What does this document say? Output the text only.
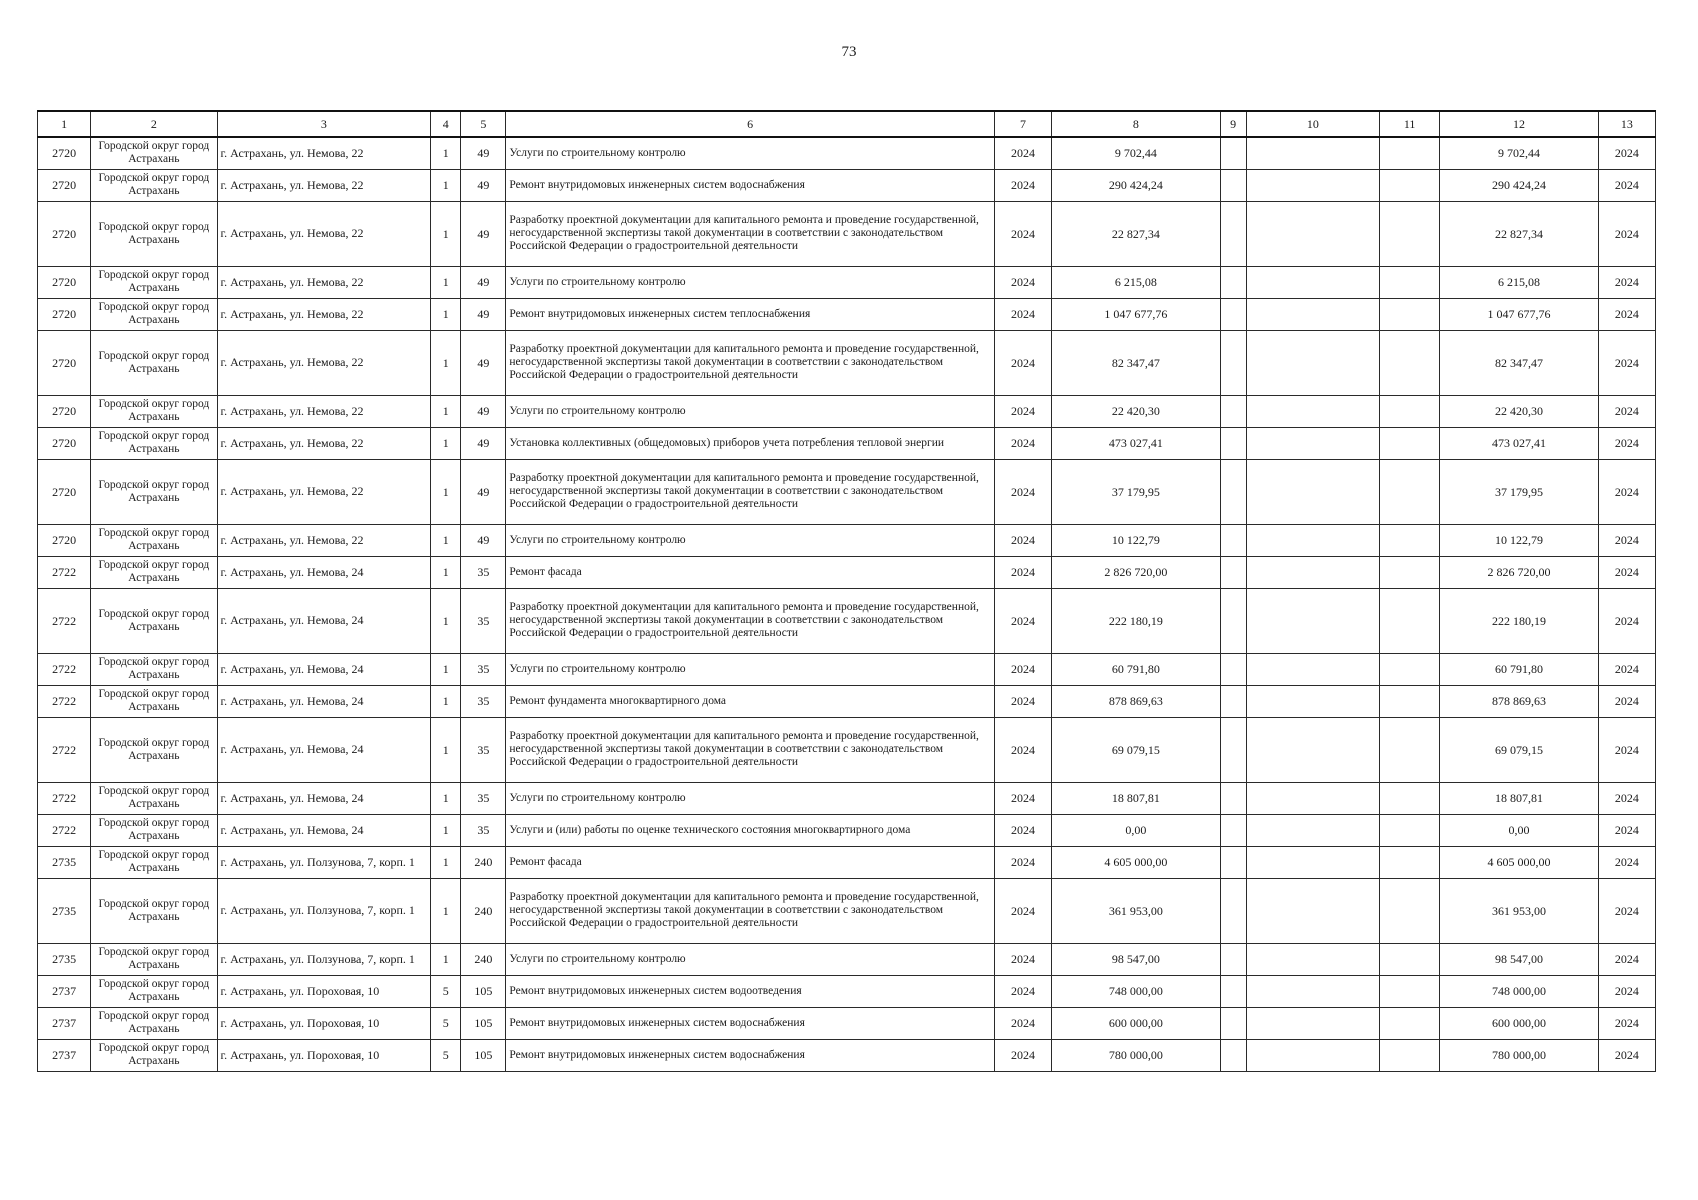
73
1	2	3	4	5	6	7	8	9	10	11	12	13
2720	Городской округ город Астрахань	г. Астрахань, ул. Немова, 22	1	49	Услуги по строительному контролю	2024	9 702,44				9 702,44	2024
2720	Городской округ город Астрахань	г. Астрахань, ул. Немова, 22	1	49	Ремонт внутридомовых инженерных систем водоснабжения	2024	290 424,24				290 424,24	2024
2720	Городской округ город Астрахань	г. Астрахань, ул. Немова, 22	1	49	Разработку проектной документации для капитального ремонта и проведение государственной, негосударственной экспертизы такой документации в соответствии с законодательством Российской Федерации о градостроительной деятельности	2024	22 827,34				22 827,34	2024
2720	Городской округ город Астрахань	г. Астрахань, ул. Немова, 22	1	49	Услуги по строительному контролю	2024	6 215,08				6 215,08	2024
2720	Городской округ город Астрахань	г. Астрахань, ул. Немова, 22	1	49	Ремонт внутридомовых инженерных систем теплоснабжения	2024	1 047 677,76				1 047 677,76	2024
2720	Городской округ город Астрахань	г. Астрахань, ул. Немова, 22	1	49	Разработку проектной документации для капитального ремонта и проведение государственной, негосударственной экспертизы такой документации в соответствии с законодательством Российской Федерации о градостроительной деятельности	2024	82 347,47				82 347,47	2024
2720	Городской округ город Астрахань	г. Астрахань, ул. Немова, 22	1	49	Услуги по строительному контролю	2024	22 420,30				22 420,30	2024
2720	Городской округ город Астрахань	г. Астрахань, ул. Немова, 22	1	49	Установка коллективных (общедомовых) приборов учета потребления тепловой энергии	2024	473 027,41				473 027,41	2024
2720	Городской округ город Астрахань	г. Астрахань, ул. Немова, 22	1	49	Разработку проектной документации для капитального ремонта и проведение государственной, негосударственной экспертизы такой документации в соответствии с законодательством Российской Федерации о градостроительной деятельности	2024	37 179,95				37 179,95	2024
2720	Городской округ город Астрахань	г. Астрахань, ул. Немова, 22	1	49	Услуги по строительному контролю	2024	10 122,79				10 122,79	2024
2722	Городской округ город Астрахань	г. Астрахань, ул. Немова, 24	1	35	Ремонт фасада	2024	2 826 720,00				2 826 720,00	2024
2722	Городской округ город Астрахань	г. Астрахань, ул. Немова, 24	1	35	Разработку проектной документации для капитального ремонта и проведение государственной, негосударственной экспертизы такой документации в соответствии с законодательством Российской Федерации о градостроительной деятельности	2024	222 180,19				222 180,19	2024
2722	Городской округ город Астрахань	г. Астрахань, ул. Немова, 24	1	35	Услуги по строительному контролю	2024	60 791,80				60 791,80	2024
2722	Городской округ город Астрахань	г. Астрахань, ул. Немова, 24	1	35	Ремонт фундамента многоквартирного дома	2024	878 869,63				878 869,63	2024
2722	Городской округ город Астрахань	г. Астрахань, ул. Немова, 24	1	35	Разработку проектной документации для капитального ремонта и проведение государственной, негосударственной экспертизы такой документации в соответствии с законодательством Российской Федерации о градостроительной деятельности	2024	69 079,15				69 079,15	2024
2722	Городской округ город Астрахань	г. Астрахань, ул. Немова, 24	1	35	Услуги по строительному контролю	2024	18 807,81				18 807,81	2024
2722	Городской округ город Астрахань	г. Астрахань, ул. Немова, 24	1	35	Услуги и (или) работы по оценке технического состояния многоквартирного дома	2024	0,00				0,00	2024
2735	Городской округ город Астрахань	г. Астрахань, ул. Ползунова, 7, корп. 1	1	240	Ремонт фасада	2024	4 605 000,00				4 605 000,00	2024
2735	Городской округ город Астрахань	г. Астрахань, ул. Ползунова, 7, корп. 1	1	240	Разработку проектной документации для капитального ремонта и проведение государственной, негосударственной экспертизы такой документации в соответствии с законодательством Российской Федерации о градостроительной деятельности	2024	361 953,00				361 953,00	2024
2735	Городской округ город Астрахань	г. Астрахань, ул. Ползунова, 7, корп. 1	1	240	Услуги по строительному контролю	2024	98 547,00				98 547,00	2024
2737	Городской округ город Астрахань	г. Астрахань, ул. Пороховая, 10	5	105	Ремонт внутридомовых инженерных систем водоотведения	2024	748 000,00				748 000,00	2024
2737	Городской округ город Астрахань	г. Астрахань, ул. Пороховая, 10	5	105	Ремонт внутридомовых инженерных систем водоснабжения	2024	600 000,00				600 000,00	2024
2737	Городской округ город Астрахань	г. Астрахань, ул. Пороховая, 10	5	105	Ремонт внутридомовых инженерных систем водоснабжения	2024	780 000,00				780 000,00	2024
